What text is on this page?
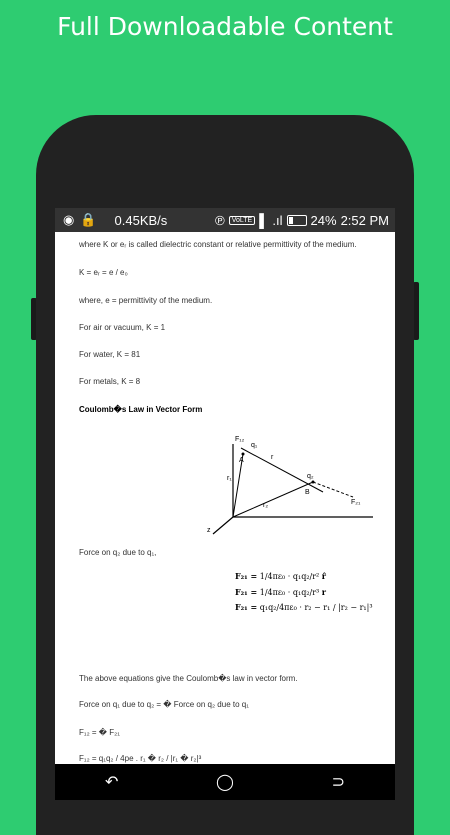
Full Downloadable Content
◉ 🔒 0.45KB/s	℗	VoLTE ▌ .ıl 24% 2:52 PM
where K or eᵣ is called dielectric constant or relative permittivity of the medium.
K = eᵣ = e / e₀
where, e = permittivity of the medium.
For air or vacuum, K = 1
For water, K = 81
For metals, K = 8
Coulomb�s Law in Vector Form
F₁₂
q₁
A	r
q₂
B
F₂₁
r₁
r₂
z
Force on q₂ due to q₁,
F₂₁ = 1/4πε₀ · q₁q₂/r² r̂
F₂₁ = 1/4πε₀ · q₁q₂/r³ r
F₂₁ = q₁q₂/4πε₀ · r₂ − r₁ / |r₂ − r₁|³
The above equations give the Coulomb�s law in vector form.
Force on q₁ due to q₂ = � Force on q₂ due to q₁
F₁₂ = � F₂₁
F₁₂ = q₁q₂ / 4pe . r₁ � r₂ / |r₁ � r₂|³
↶	◯	⊃
